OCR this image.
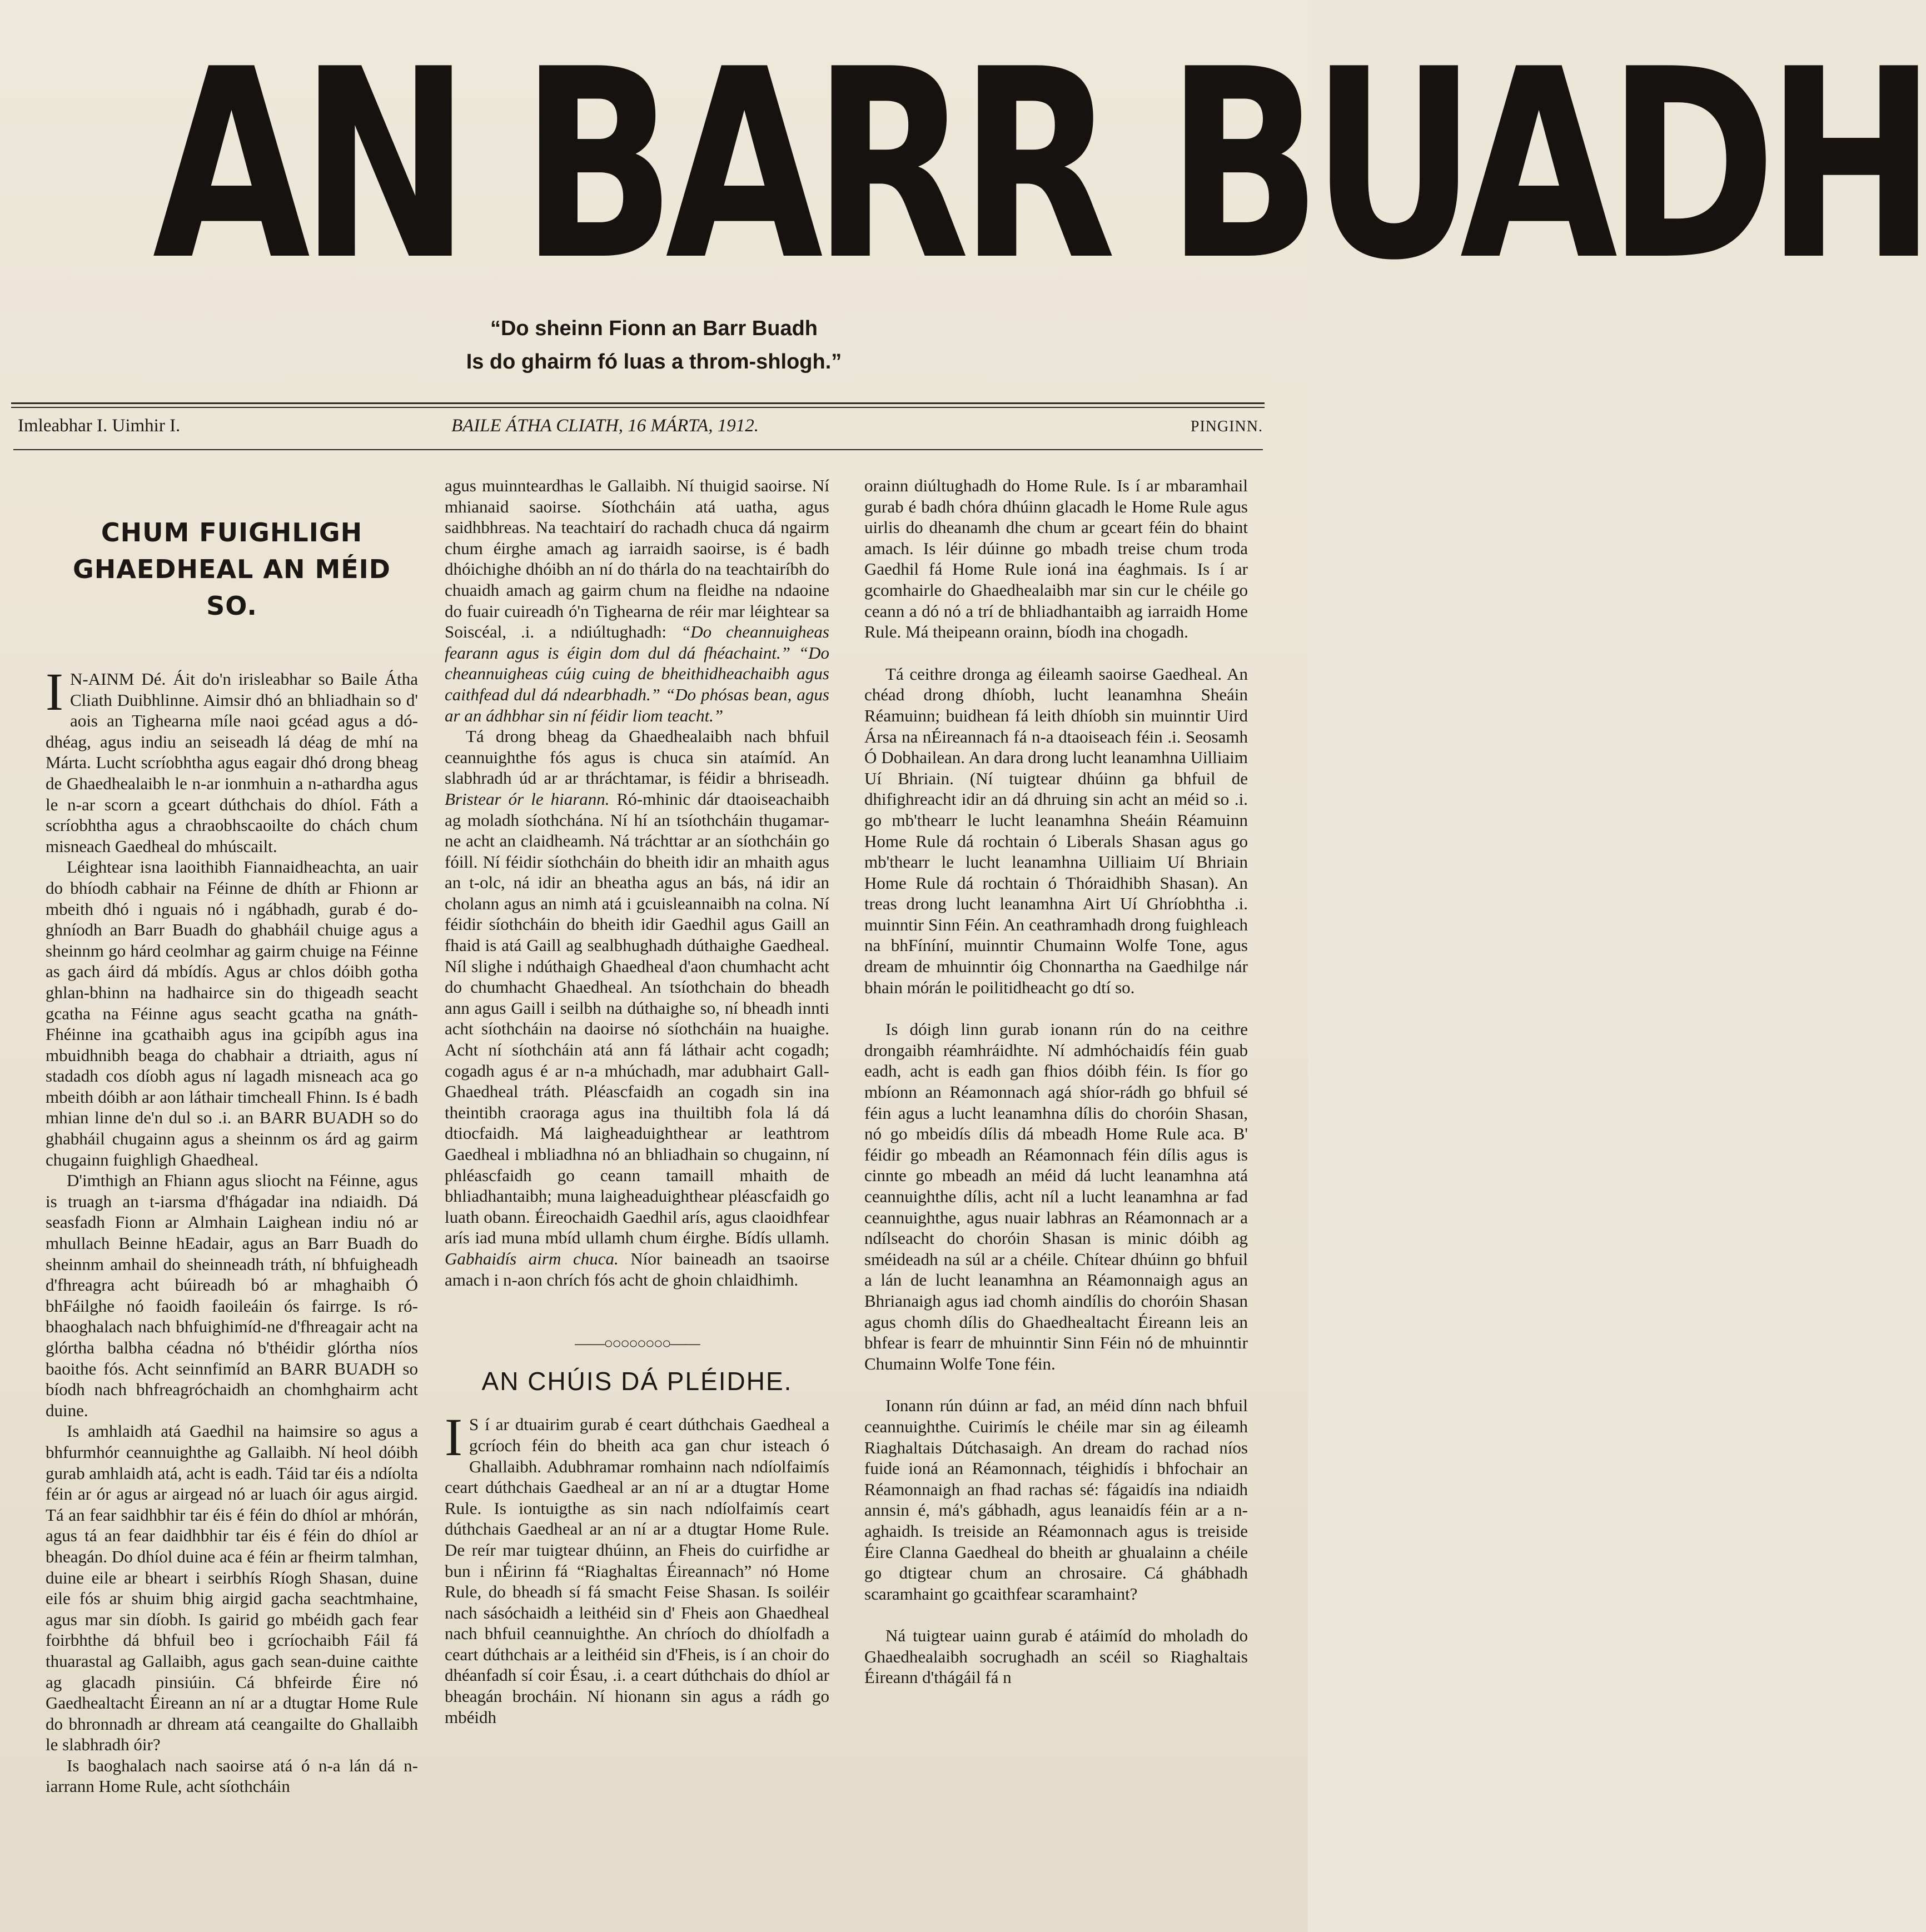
AN BARR BUADH
“Do sheinn Fionn an Barr Buadh
Is do ghairm fó luas a throm-shlogh.”
Imleabhar I. Uimhir I.	BAILE ÁTHA CLIATH, 16 MÁRTA, 1912.	PINGINN.
CHUM FUIGHLIGH GHAEDHEAL AN MÉID SO.

I N-AINM Dé. Áit do'n irisleabhar so Baile Átha Cliath Duibhlinne. Aimsir dhó an bhliadhain so d' aois an Tighearna míle naoi gcéad agus a dó-dhéag, agus indiu an seiseadh lá déag de mhí na Márta. Lucht scríobhtha agus eagair dhó drong bheag de Ghaedhealaibh le n-ar ionmhuin a n-athardha agus le n-ar scorn a gceart dúthchais do dhíol. Fáth a scríobhtha agus a chraobhscaoilte do chách chum misneach Gaedheal do mhúscailt.

Léightear isna laoithibh Fiannaidheachta, an uair do bhíodh cabhair na Féinne de dhíth ar Fhionn ar mbeith dhó i nguais nó i ngábhadh, gurab é do-ghníodh an Barr Buadh do ghabháil chuige agus a sheinnm go hárd ceolmhar ag gairm chuige na Féinne as gach áird dá mbídís. Agus ar chlos dóibh gotha ghlan-bhinn na hadhairce sin do thigeadh seacht gcatha na Féinne agus seacht gcatha na gnáth-Fhéinne ina gcathaibh agus ina gcipíbh agus ina mbuidhnibh beaga do chabhair a dtriaith, agus ní stadadh cos díobh agus ní lagadh misneach aca go mbeith dóibh ar aon láthair timcheall Fhinn. Is é badh mhian linne de'n dul so .i. an BARR BUADH so do ghabháil chugainn agus a sheinnm os árd ag gairm chugainn fuighligh Ghaedheal.

D'imthigh an Fhiann agus sliocht na Féinne, agus is truagh an t-iarsma d'fhágadar ina ndiaidh. Dá seasfadh Fionn ar Almhain Laighean indiu nó ar mhullach Beinne hEadair, agus an Barr Buadh do sheinnm amhail do sheinneadh tráth, ní bhfuigheadh d'fhreagra acht búireadh bó ar mhaghaibh Ó bhFáilghe nó faoidh faoileáin ós fairrge. Is ró-bhaoghalach nach bhfuighimíd-ne d'fhreagair acht na glórtha balbha céadna nó b'théidir glórtha níos baoithe fós. Acht seinnfimíd an BARR BUADH so bíodh nach bhfreagróchaidh an chomhghairm acht duine.

Is amhlaidh atá Gaedhil na haimsire so agus a bhfurmhór ceannuighthe ag Gallaibh. Ní heol dóibh gurab amhlaidh atá, acht is eadh. Táid tar éis a ndíolta féin ar ór agus ar airgead nó ar luach óir agus airgid. Tá an fear saidhbhir tar éis é féin do dhíol ar mhórán, agus tá an fear daidhbhir tar éis é féin do dhíol ar bheagán. Do dhíol duine aca é féin ar fheirm talmhan, duine eile ar bheart i seirbhís Ríogh Shasan, duine eile fós ar shuim bhig airgid gacha seachtmhaine, agus mar sin díobh. Is gairid go mbéidh gach fear foirbhthe dá bhfuil beo i gcríochaibh Fáil fá thuarastal ag Gallaibh, agus gach sean-duine caithte ag glacadh pinsiúin. Cá bhfeirde Éire nó Gaedhealtacht Éireann an ní ar a dtugtar Home Rule do bhronnadh ar dhream atá ceangailte do Ghallaibh le slabhradh óir?

Is baoghalach nach saoirse atá ó n-a lán dá n-iarrann Home Rule, acht síothcháin

agus muinnteardhas le Gallaibh. Ní thuigid saoirse. Ní mhianaid saoirse. Síothcháin atá uatha, agus saidhbhreas. Na teachtairí do rachadh chuca dá ngairm chum éirghe amach ag iarraidh saoirse, is é badh dhóichighe dhóibh an ní do thárla do na teachtairíbh do chuaidh amach ag gairm chum na fleidhe na ndaoine do fuair cuireadh ó'n Tighearna de réir mar léightear sa Soiscéal, .i. a ndiúltughadh: “Do cheannuigheas fearann agus is éigin dom dul dá fhéachaint.” “Do cheannuigheas cúig cuing de bheithidheachaibh agus caithfead dul dá ndearbhadh.” “Do phósas bean, agus ar an ádhbhar sin ní féidir liom teacht.”

Tá drong bheag da Ghaedhealaibh nach bhfuil ceannuighthe fós agus is chuca sin ataímíd. An slabhradh úd ar ar thráchtamar, is féidir a bhriseadh. Bristear ór le hiarann. Ró-mhinic dár dtaoiseachaibh ag moladh síothchána. Ní hí an tsíothcháin thugamar-ne acht an claidheamh. Ná tráchttar ar an síothcháin go fóill. Ní féidir síothcháin do bheith idir an mhaith agus an t-olc, ná idir an bheatha agus an bás, ná idir an cholann agus an nimh atá i gcuisleannaibh na colna. Ní féidir síothcháin do bheith idir Gaedhil agus Gaill an fhaid is atá Gaill ag sealbhughadh dúthaighe Gaedheal. Níl slighe i ndúthaigh Ghaedheal d'aon chumhacht acht do chumhacht Ghaedheal. An tsíothchain do bheadh ann agus Gaill i seilbh na dúthaighe so, ní bheadh innti acht síothcháin na daoirse nó síothcháin na huaighe. Acht ní síothcháin atá ann fá láthair acht cogadh; cogadh agus é ar n-a mhúchadh, mar adubhairt Gall-Ghaedheal tráth. Pléascfaidh an cogadh sin ina theintibh craoraga agus ina thuiltibh fola lá dá dtiocfaidh. Má laigheaduighthear ar leathtrom Gaedheal i mbliadhna nó an bhliadhain so chugainn, ní phléascfaidh go ceann tamaill mhaith de bhliadhantaibh; muna laigheaduighthear pléascfaidh go luath obann. Éireochaidh Gaedhil arís, agus claoidhfear arís iad muna mbíd ullamh chum éirghe. Bídís ullamh. Gabhaidís airm chuca. Níor baineadh an tsaoirse amach i n-aon chrích fós acht de ghoin chlaidhimh.

——○○○○○○○○——
AN CHÚIS DÁ PLÉIDHE.

I S í ar dtuairim gurab é ceart dúthchais Gaedheal a gcríoch féin do bheith aca gan chur isteach ó Ghallaibh. Adubhramar romhainn nach ndíolfaimís ceart dúthchais Gaedheal ar an ní ar a dtugtar Home Rule. Is iontuigthe as sin nach ndíolfaimís ceart dúthchais Gaedheal ar an ní ar a dtugtar Home Rule. De reír mar tuigtear dhúinn, an Fheis do cuirfidhe ar bun i nÉirinn fá “Riaghaltas Éireannach” nó Home Rule, do bheadh sí fá smacht Feise Shasan. Is soiléir nach sásóchaidh a leithéid sin d' Fheis aon Ghaedheal nach bhfuil ceannuighthe. An chríoch do dhíolfadh a ceart dúthchais ar a leithéid sin d'Fheis, is í an choir do dhéanfadh sí coir Ésau, .i. a ceart dúthchais do dhíol ar bheagán brocháin. Ní hionann sin agus a rádh go mbéidh

orainn diúltughadh do Home Rule. Is í ar mbaramhail gurab é badh chóra dhúinn glacadh le Home Rule agus uirlis do dheanamh dhe chum ar gceart féin do bhaint amach. Is léir dúinne go mbadh treise chum troda Gaedhil fá Home Rule ioná ina éaghmais. Is í ar gcomhairle do Ghaedhealaibh mar sin cur le chéile go ceann a dó nó a trí de bhliadhantaibh ag iarraidh Home Rule. Má theipeann orainn, bíodh ina chogadh.

Tá ceithre dronga ag éileamh saoirse Gaedheal. An chéad drong dhíobh, lucht leanamhna Sheáin Réamuinn; buidhean fá leith dhíobh sin muinntir Uird Ársa na nÉireannach fá n-a dtaoiseach féin .i. Seosamh Ó Dobhailean. An dara drong lucht leanamhna Uilliaim Uí Bhriain. (Ní tuigtear dhúinn ga bhfuil de dhifighreacht idir an dá dhruing sin acht an méid so .i. go mb'thearr le lucht leanamhna Sheáin Réamuinn Home Rule dá rochtain ó Liberals Shasan agus go mb'thearr le lucht leanamhna Uilliaim Uí Bhriain Home Rule dá rochtain ó Thóraidhibh Shasan). An treas drong lucht leanamhna Airt Uí Ghríobhtha .i. muinntir Sinn Féin. An ceathramhadh drong fuighleach na bhFíníní, muinntir Chumainn Wolfe Tone, agus dream de mhuinntir óig Chonnartha na Gaedhilge nár bhain mórán le poilitidheacht go dtí so.

Is dóigh linn gurab ionann rún do na ceithre drongaibh réamhráidhte. Ní admhóchaidís féin guab eadh, acht is eadh gan fhios dóibh féin. Is fíor go mbíonn an Réamonnach agá shíor-rádh go bhfuil sé féin agus a lucht leanamhna dílis do choróin Shasan, nó go mbeidís dílis dá mbeadh Home Rule aca. B' féidir go mbeadh an Réamonnach féin dílis agus is cinnte go mbeadh an méid dá lucht leanamhna atá ceannuighthe dílis, acht níl a lucht leanamhna ar fad ceannuighthe, agus nuair labhras an Réamonnach ar a ndílseacht do choróin Shasan is minic dóibh ag sméideadh na súl ar a chéile. Chítear dhúinn go bhfuil a lán de lucht leanamhna an Réamonnaigh agus an Bhrianaigh agus iad chomh aindílis do choróin Shasan agus chomh dílis do Ghaedhealtacht Éireann leis an bhfear is fearr de mhuinntir Sinn Féin nó de mhuinntir Chumainn Wolfe Tone féin.

Ionann rún dúinn ar fad, an méid dínn nach bhfuil ceannuighthe. Cuirimís le chéile mar sin ag éileamh Riaghaltais Dútchasaigh. An dream do rachad níos fuide ioná an Réamonnach, téighidís i bhfochair an Réamonnaigh an fhad rachas sé: fágaidís ina ndiaidh annsin é, má's gábhadh, agus leanaidís féin ar a n-aghaidh. Is treiside an Réamonnach agus is treiside Éire Clanna Gaedheal do bheith ar ghualainn a chéile go dtigtear chum an chrosaire. Cá ghábhadh scaramhaint go gcaithfear scaramhaint?

Ná tuigtear uainn gurab é atáimíd do mholadh do Ghaedhealaibh socrughadh an scéil so Riaghaltais Éireann d'thágáil fá n
